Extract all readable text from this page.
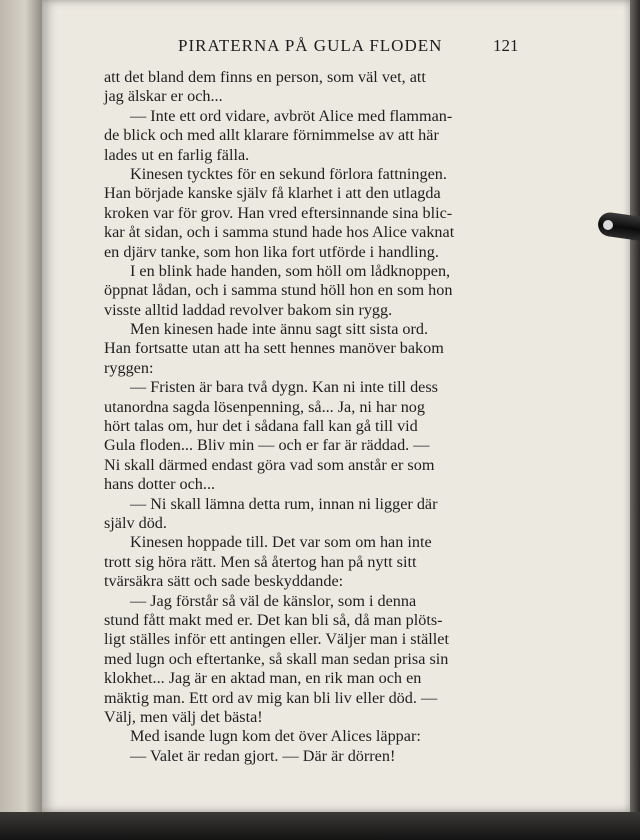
PIRATERNA PÅ GULA FLODEN	121
att det bland dem finns en person, som väl vet, att
jag älskar er och...
— Inte ett ord vidare, avbröt Alice med flamman-
de blick och med allt klarare förnimmelse av att här
lades ut en farlig fälla.
Kinesen tycktes för en sekund förlora fattningen.
Han började kanske själv få klarhet i att den utlagda
kroken var för grov. Han vred eftersinnande sina blic-
kar åt sidan, och i samma stund hade hos Alice vaknat
en djärv tanke, som hon lika fort utförde i handling.
I en blink hade handen, som höll om lådknoppen,
öppnat lådan, och i samma stund höll hon en som hon
visste alltid laddad revolver bakom sin rygg.
Men kinesen hade inte ännu sagt sitt sista ord.
Han fortsatte utan att ha sett hennes manöver bakom
ryggen:
— Fristen är bara två dygn. Kan ni inte till dess
utanordna sagda lösenpenning, så... Ja, ni har nog
hört talas om, hur det i sådana fall kan gå till vid
Gula floden... Bliv min — och er far är räddad. —
Ni skall därmed endast göra vad som anstår er som
hans dotter och...
— Ni skall lämna detta rum, innan ni ligger där
själv död.
Kinesen hoppade till. Det var som om han inte
trott sig höra rätt. Men så återtog han på nytt sitt
tvärsäkra sätt och sade beskyddande:
— Jag förstår så väl de känslor, som i denna
stund fått makt med er. Det kan bli så, då man plöts-
ligt ställes inför ett antingen eller. Väljer man i stället
med lugn och eftertanke, så skall man sedan prisa sin
klokhet... Jag är en aktad man, en rik man och en
mäktig man. Ett ord av mig kan bli liv eller död. —
Välj, men välj det bästa!
Med isande lugn kom det över Alices läppar:
— Valet är redan gjort. — Där är dörren!
